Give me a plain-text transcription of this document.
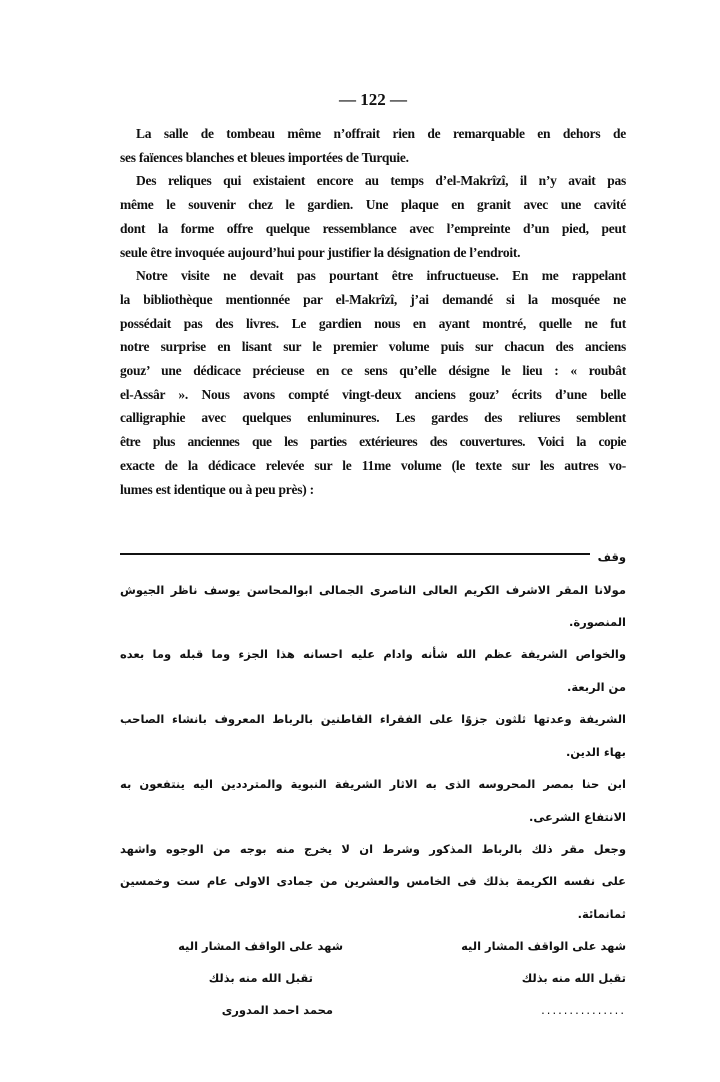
— 122 —
La salle de tombeau même n’offrait rien de remarquable en dehors de
ses faïences blanches et bleues importées de Turquie.
Des reliques qui existaient encore au temps d’el-Makrîzî, il n’y avait pas
même le souvenir chez le gardien. Une plaque en granit avec une cavité
dont la forme offre quelque ressemblance avec l’empreinte d’un pied, peut
seule être invoquée aujourd’hui pour justifier la désignation de l’endroit.
Notre visite ne devait pas pourtant être infructueuse. En me rappelant
la bibliothèque mentionnée par el-Makrîzî, j’ai demandé si la mosquée ne
possédait pas des livres. Le gardien nous en ayant montré, quelle ne fut
notre surprise en lisant sur le premier volume puis sur chacun des anciens
gouz’ une dédicace précieuse en ce sens qu’elle désigne le lieu : « roubât
el-Assâr ». Nous avons compté vingt-deux anciens gouz’ écrits d’une belle
calligraphie avec quelques enluminures. Les gardes des reliures semblent
être plus anciennes que les parties extérieures des couvertures. Voici la copie
exacte de la dédicace relevée sur le 11me volume (le texte sur les autres vo-
lumes est identique ou à peu près) :
وقف
مولانا المقر الاشرف الكريم العالى الناصرى الجمالى ابوالمحاسن يوسف ناظر الجيوش
المنصورة.
والخواص الشريفة عظم الله شأنه وادام عليه احسانه هذا الجزء وما قبله وما بعده
من الربعة.
الشريفة وعدتها ثلثون جزوًا على الفقراء القاطنين بالرباط المعروف بانشاء الصاحب
بهاء الدين.
ابن حنا بمصر المحروسه الذى به الاثار الشريفة النبوية والمترددين اليه ينتفعون به
الانتفاع الشرعى.
وجعل مقر ذلك بالرباط المذكور وشرط ان لا يخرج منه بوجه من الوجوه واشهد
على نفسه الكريمة بذلك فى الخامس والعشرين من جمادى الاولى عام ست وخمسين ثمانمائة.
شهد على الواقف المشار اليه
شهد على الواقف المشار اليه
تقبل الله منه بذلك
تقبل الله منه بذلك
...............
محمد احمد المدورى
